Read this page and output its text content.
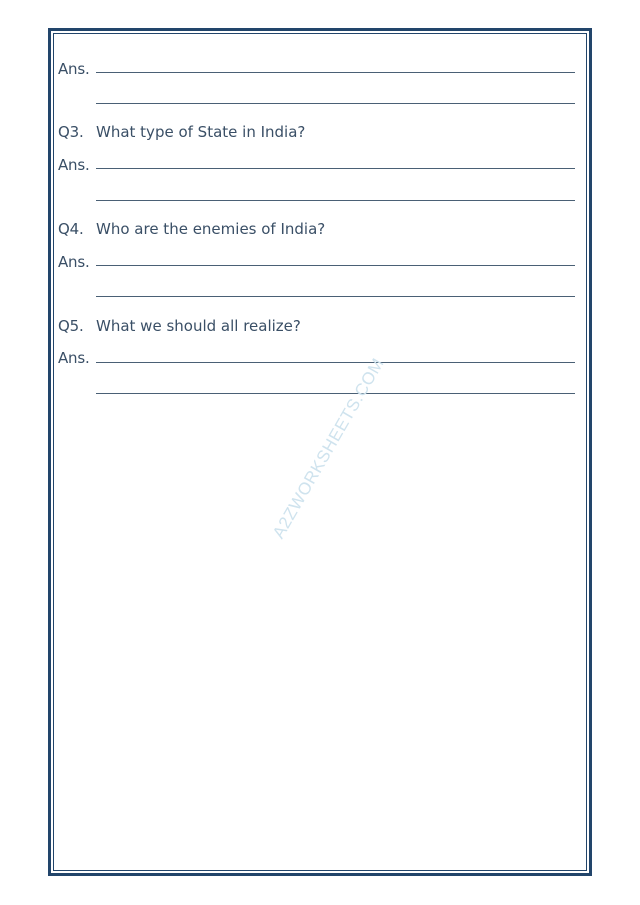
Ans.
Q3. What type of State in India?
Ans.
Q4. Who are the enemies of India?
Ans.
Q5. What we should all realize?
Ans.	A2ZWORKSHEETS.COM
